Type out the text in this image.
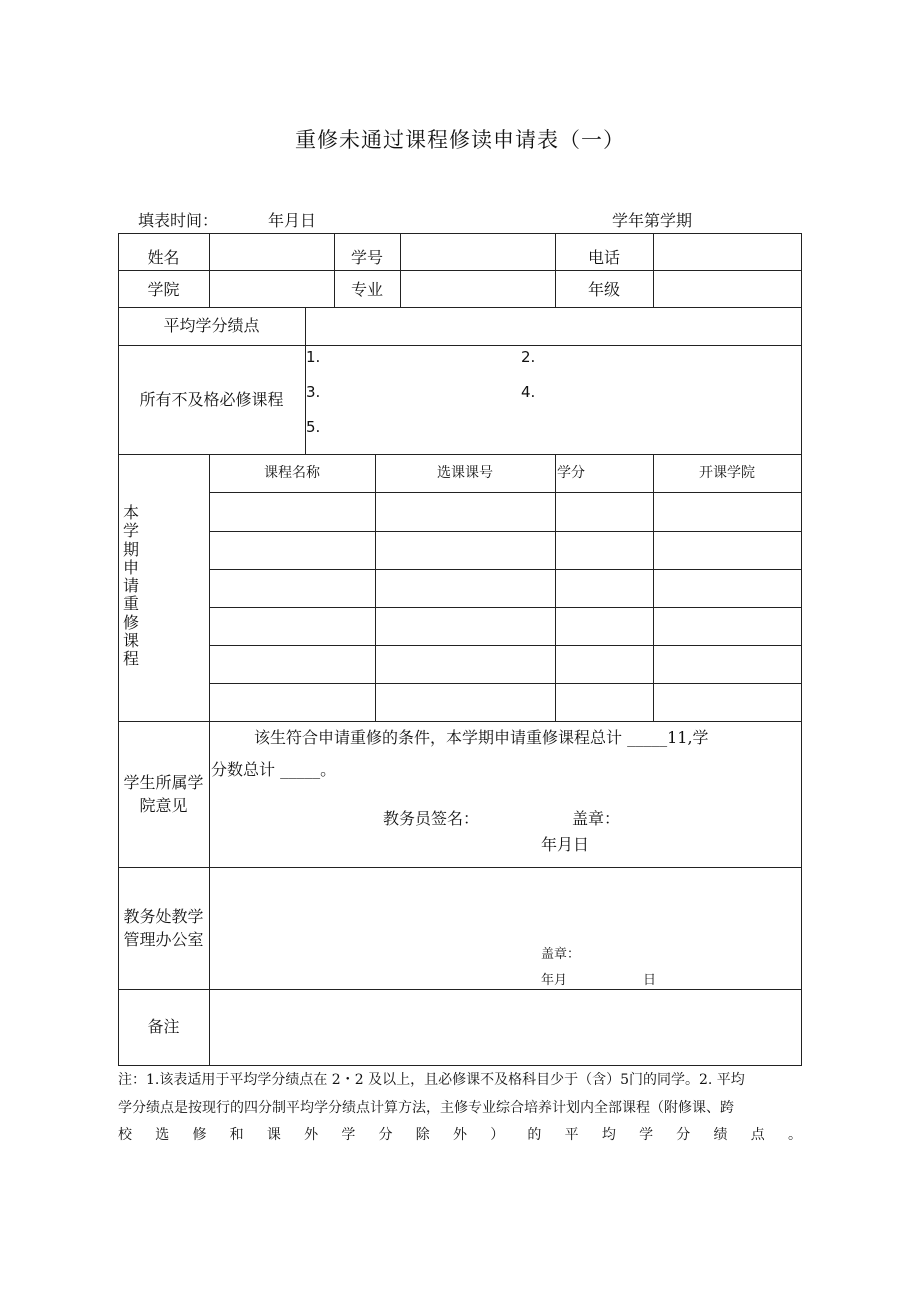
重修未通过课程修读申请表（一）
填表时间：	年月日	学年第学期
姓名	学号	电话
学院	专业	年级
平均学分绩点
所有不及格必修课程
1.	2.
3.	4.
5.
本学期申请重修课程
课程名称	选课课号	学分	开课学院
学生所属学院意见
该生符合申请重修的条件，本学期申请重修课程总计 _____11,学
分数总计 _____。
教务员签名：	盖章：
年月日
教务处教学管理办公室
盖章：
年月	日
备注
注：1.该表适用于平均学分绩点在 2・2 及以上，且必修课不及格科目少于（含）5门的同学。2. 平均
学分绩点是按现行的四分制平均学分绩点计算方法，主修专业综合培养计划内全部课程（附修课、跨
校 选 修 和 课 外 学 分 除 外 ） 的 平 均 学 分 绩 点 。
